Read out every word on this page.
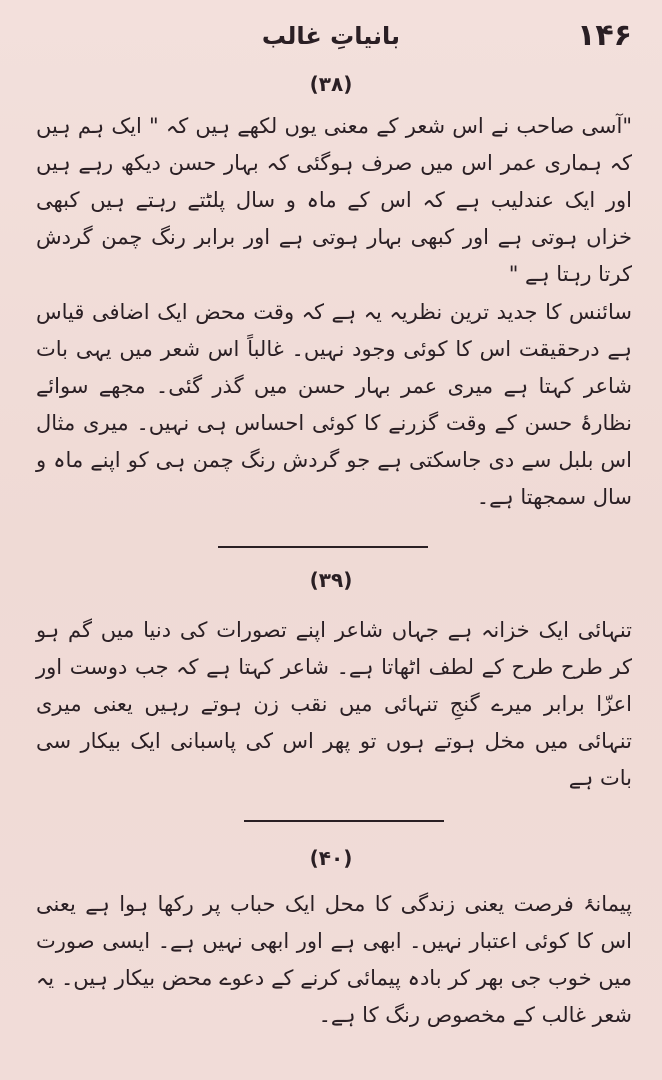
۱۴۶
بانیاتِ غالب
(۳۸)

"آسی صاحب نے اس شعر کے معنی یوں لکھے ہیں کہ " ایک ہم ہیں کہ ہماری عمر اس میں صرف ہوگئی کہ بہار حسن دیکھ رہے ہیں اور ایک عندلیب ہے کہ اس کے ماہ و سال پلٹتے رہتے ہیں کبھی خزاں ہوتی ہے اور کبھی بہار ہوتی ہے اور برابر رنگ چمن گردش کرتا رہتا ہے "

سائنس کا جدید ترین نظریہ یہ ہے کہ وقت محض ایک اضافی قیاس ہے درحقیقت اس کا کوئی وجود نہیں۔ غالباً اس شعر میں یہی بات شاعر کہتا ہے میری عمر بہار حسن میں گذر گئی۔ مجھے سوائے نظارۂ حسن کے وقت گزرنے کا کوئی احساس ہی نہیں۔ میری مثال اس بلبل سے دی جاسکتی ہے جو گردش رنگ چمن ہی کو اپنے ماہ و سال سمجھتا ہے۔

(۳۹)

تنہائی ایک خزانہ ہے جہاں شاعر اپنے تصورات کی دنیا میں گم ہو کر طرح طرح کے لطف اٹھاتا ہے۔ شاعر کہتا ہے کہ جب دوست اور اعزّا برابر میرے گنجِ تنہائی میں نقب زن ہوتے رہیں یعنی میری تنہائی میں مخل ہوتے ہوں تو پھر اس کی پاسبانی ایک بیکار سی بات ہے

(۴۰)

پیمانۂ فرصت یعنی زندگی کا محل ایک حباب پر رکھا ہوا ہے یعنی اس کا کوئی اعتبار نہیں۔ ابھی ہے اور ابھی نہیں ہے۔ ایسی صورت میں خوب جی بھر کر بادہ پیمائی کرنے کے دعوے محض بیکار ہیں۔ یہ شعر غالب کے مخصوص رنگ کا ہے۔
